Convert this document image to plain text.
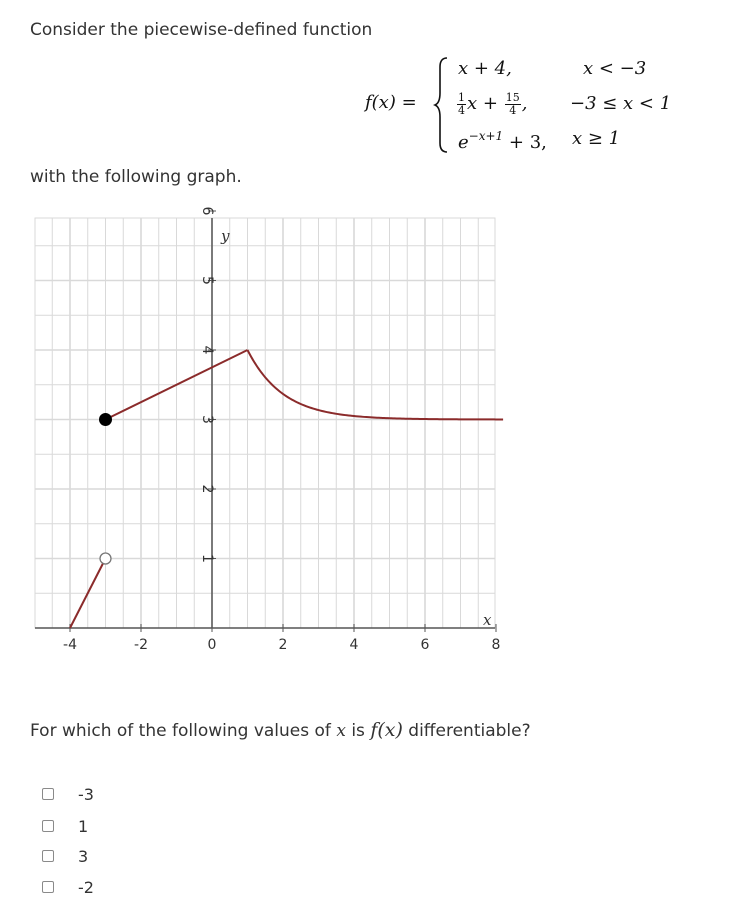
Consider the piecewise-defined function
f(x) =
x + 4,	x < −3
$\frac{1}{4}$ $x + \frac{15}{4}$ , −3 ≤ x < 1
$e^{-x+1} + 3$, x ≥ 1
with the following graph.
-4	-2	0	2	4	6	8
1
2
3
4
5
6
x
y
For which of the following values of x is f(x) differentiable?
-3
1
3
-2
